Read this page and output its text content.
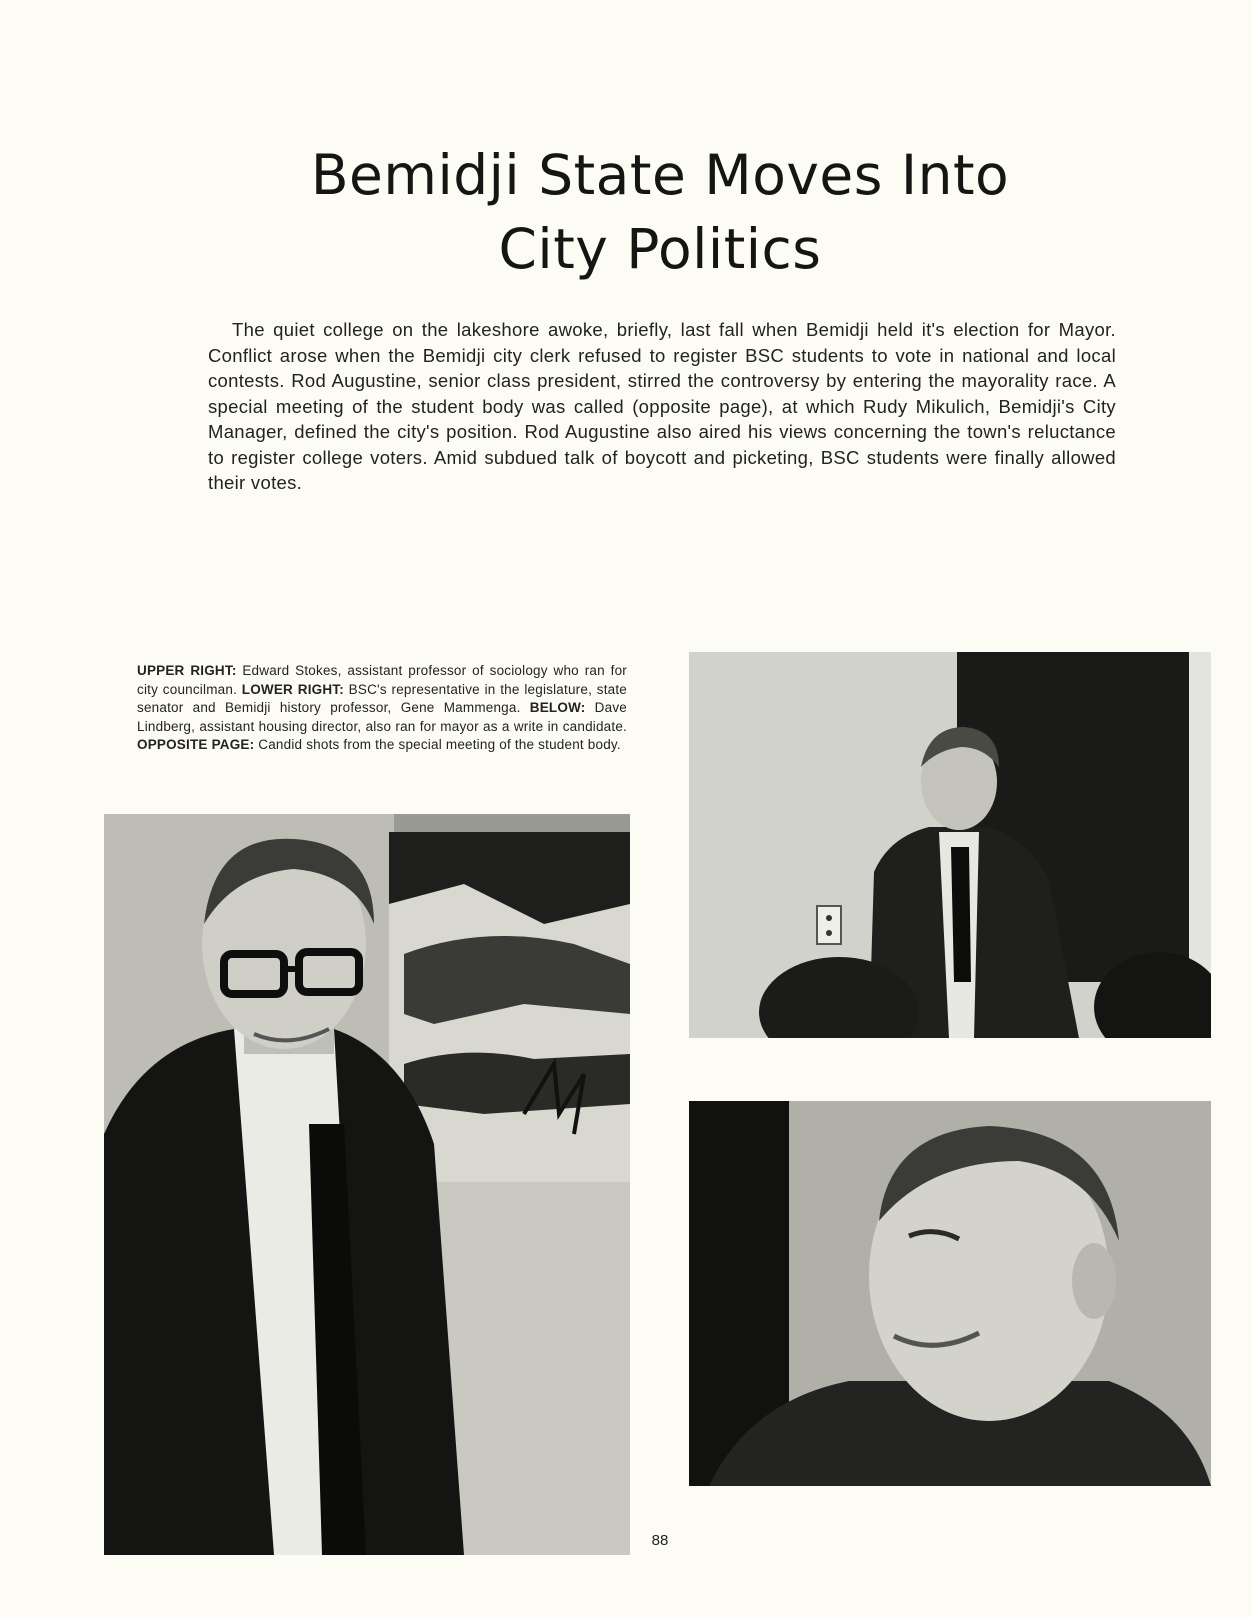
Bemidji State Moves Into
City Politics

The quiet college on the lakeshore awoke, briefly, last fall when Bemidji held it's election for Mayor. Conflict arose when the Bemidji city clerk refused to register BSC students to vote in national and local contests. Rod Augustine, senior class president, stirred the controversy by entering the mayorality race. A special meeting of the student body was called (opposite page), at which Rudy Mikulich, Bemidji's City Manager, defined the city's position. Rod Augustine also aired his views concerning the town's reluctance to register college voters. Amid subdued talk of boycott and picketing, BSC students were finally allowed their votes.

UPPER RIGHT: Edward Stokes, assistant professor of sociology who ran for city councilman. LOWER RIGHT: BSC's representative in the legislature, state senator and Bemidji history professor, Gene Mammenga. BELOW: Dave Lindberg, assistant housing director, also ran for mayor as a write in candidate. OPPOSITE PAGE: Candid shots from the special meeting of the student body.

88
